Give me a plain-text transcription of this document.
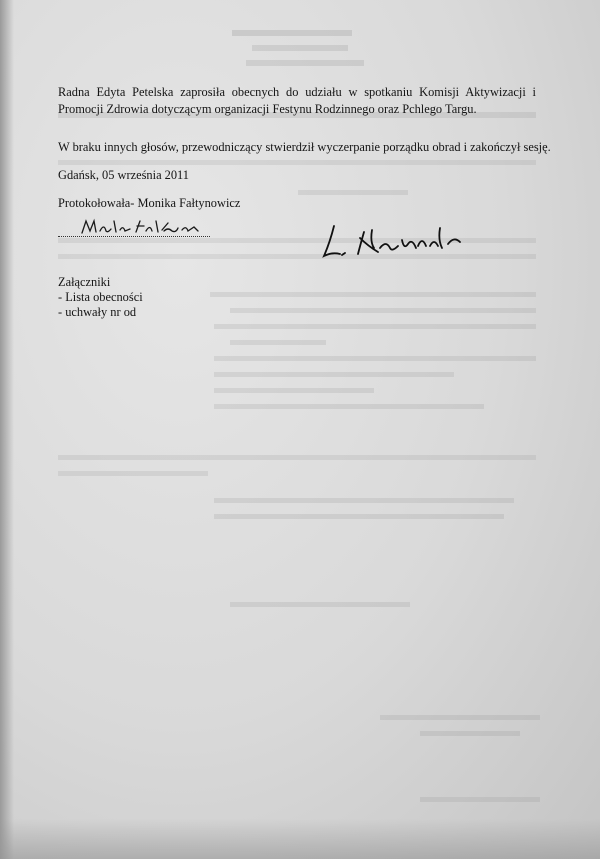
Radna Edyta Petelska zaprosiła obecnych do udziału w spotkaniu Komisji Aktywizacji i Promocji Zdrowia dotyczącym organizacji Festynu Rodzinnego oraz Pchlego Targu.
W braku innych głosów, przewodniczący stwierdził wyczerpanie porządku obrad i zakończył sesję.
Gdańsk, 05 września 2011
Protokołowała- Monika Fałtynowicz
Załączniki
- Lista obecności
- uchwały nr od
